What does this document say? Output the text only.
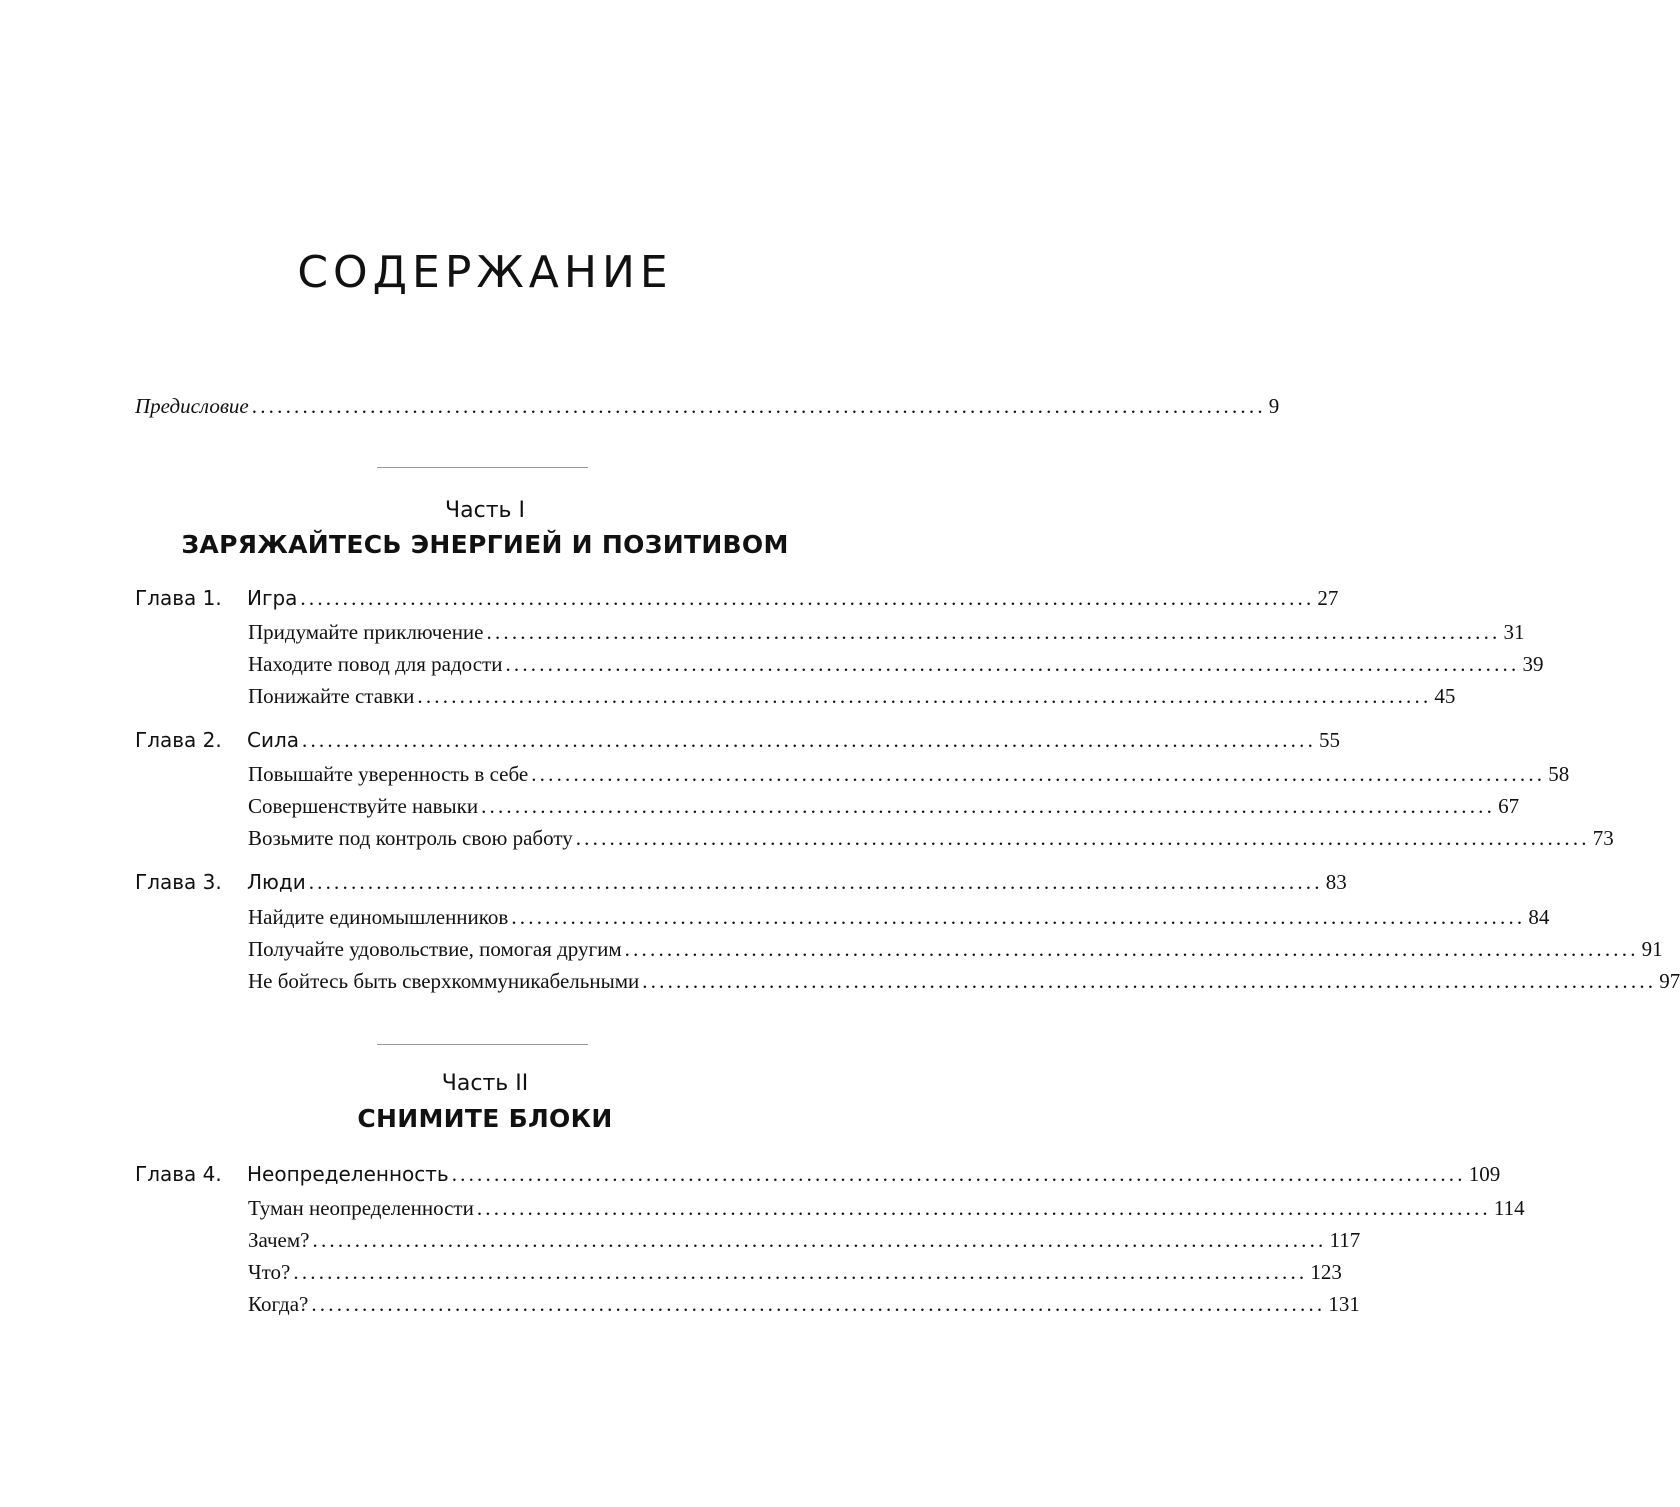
СОДЕРЖАНИЕ
Предисловие ........................................................................................................................ 9
Часть I
ЗАРЯЖАЙТЕСЬ ЭНЕРГИЕЙ И ПОЗИТИВОМ
Глава 1.	Игра ........................................................................................................................ 27
Придумайте приключение ........................................................................................................................ 31
Находите повод для радости ........................................................................................................................ 39
Понижайте ставки ........................................................................................................................ 45
Глава 2.	Сила ........................................................................................................................ 55
Повышайте уверенность в себе ........................................................................................................................ 58
Совершенствуйте навыки ........................................................................................................................ 67
Возьмите под контроль свою работу ........................................................................................................................ 73
Глава 3.	Люди ........................................................................................................................ 83
Найдите единомышленников ........................................................................................................................ 84
Получайте удовольствие, помогая другим ........................................................................................................................ 91
Не бойтесь быть сверхкоммуникабельными ........................................................................................................................ 97
Часть II
СНИМИТЕ БЛОКИ
Глава 4.	Неопределенность ........................................................................................................................ 109
Туман неопределенности ........................................................................................................................ 114
Зачем? ........................................................................................................................ 117
Что? ........................................................................................................................ 123
Когда? ........................................................................................................................ 131
